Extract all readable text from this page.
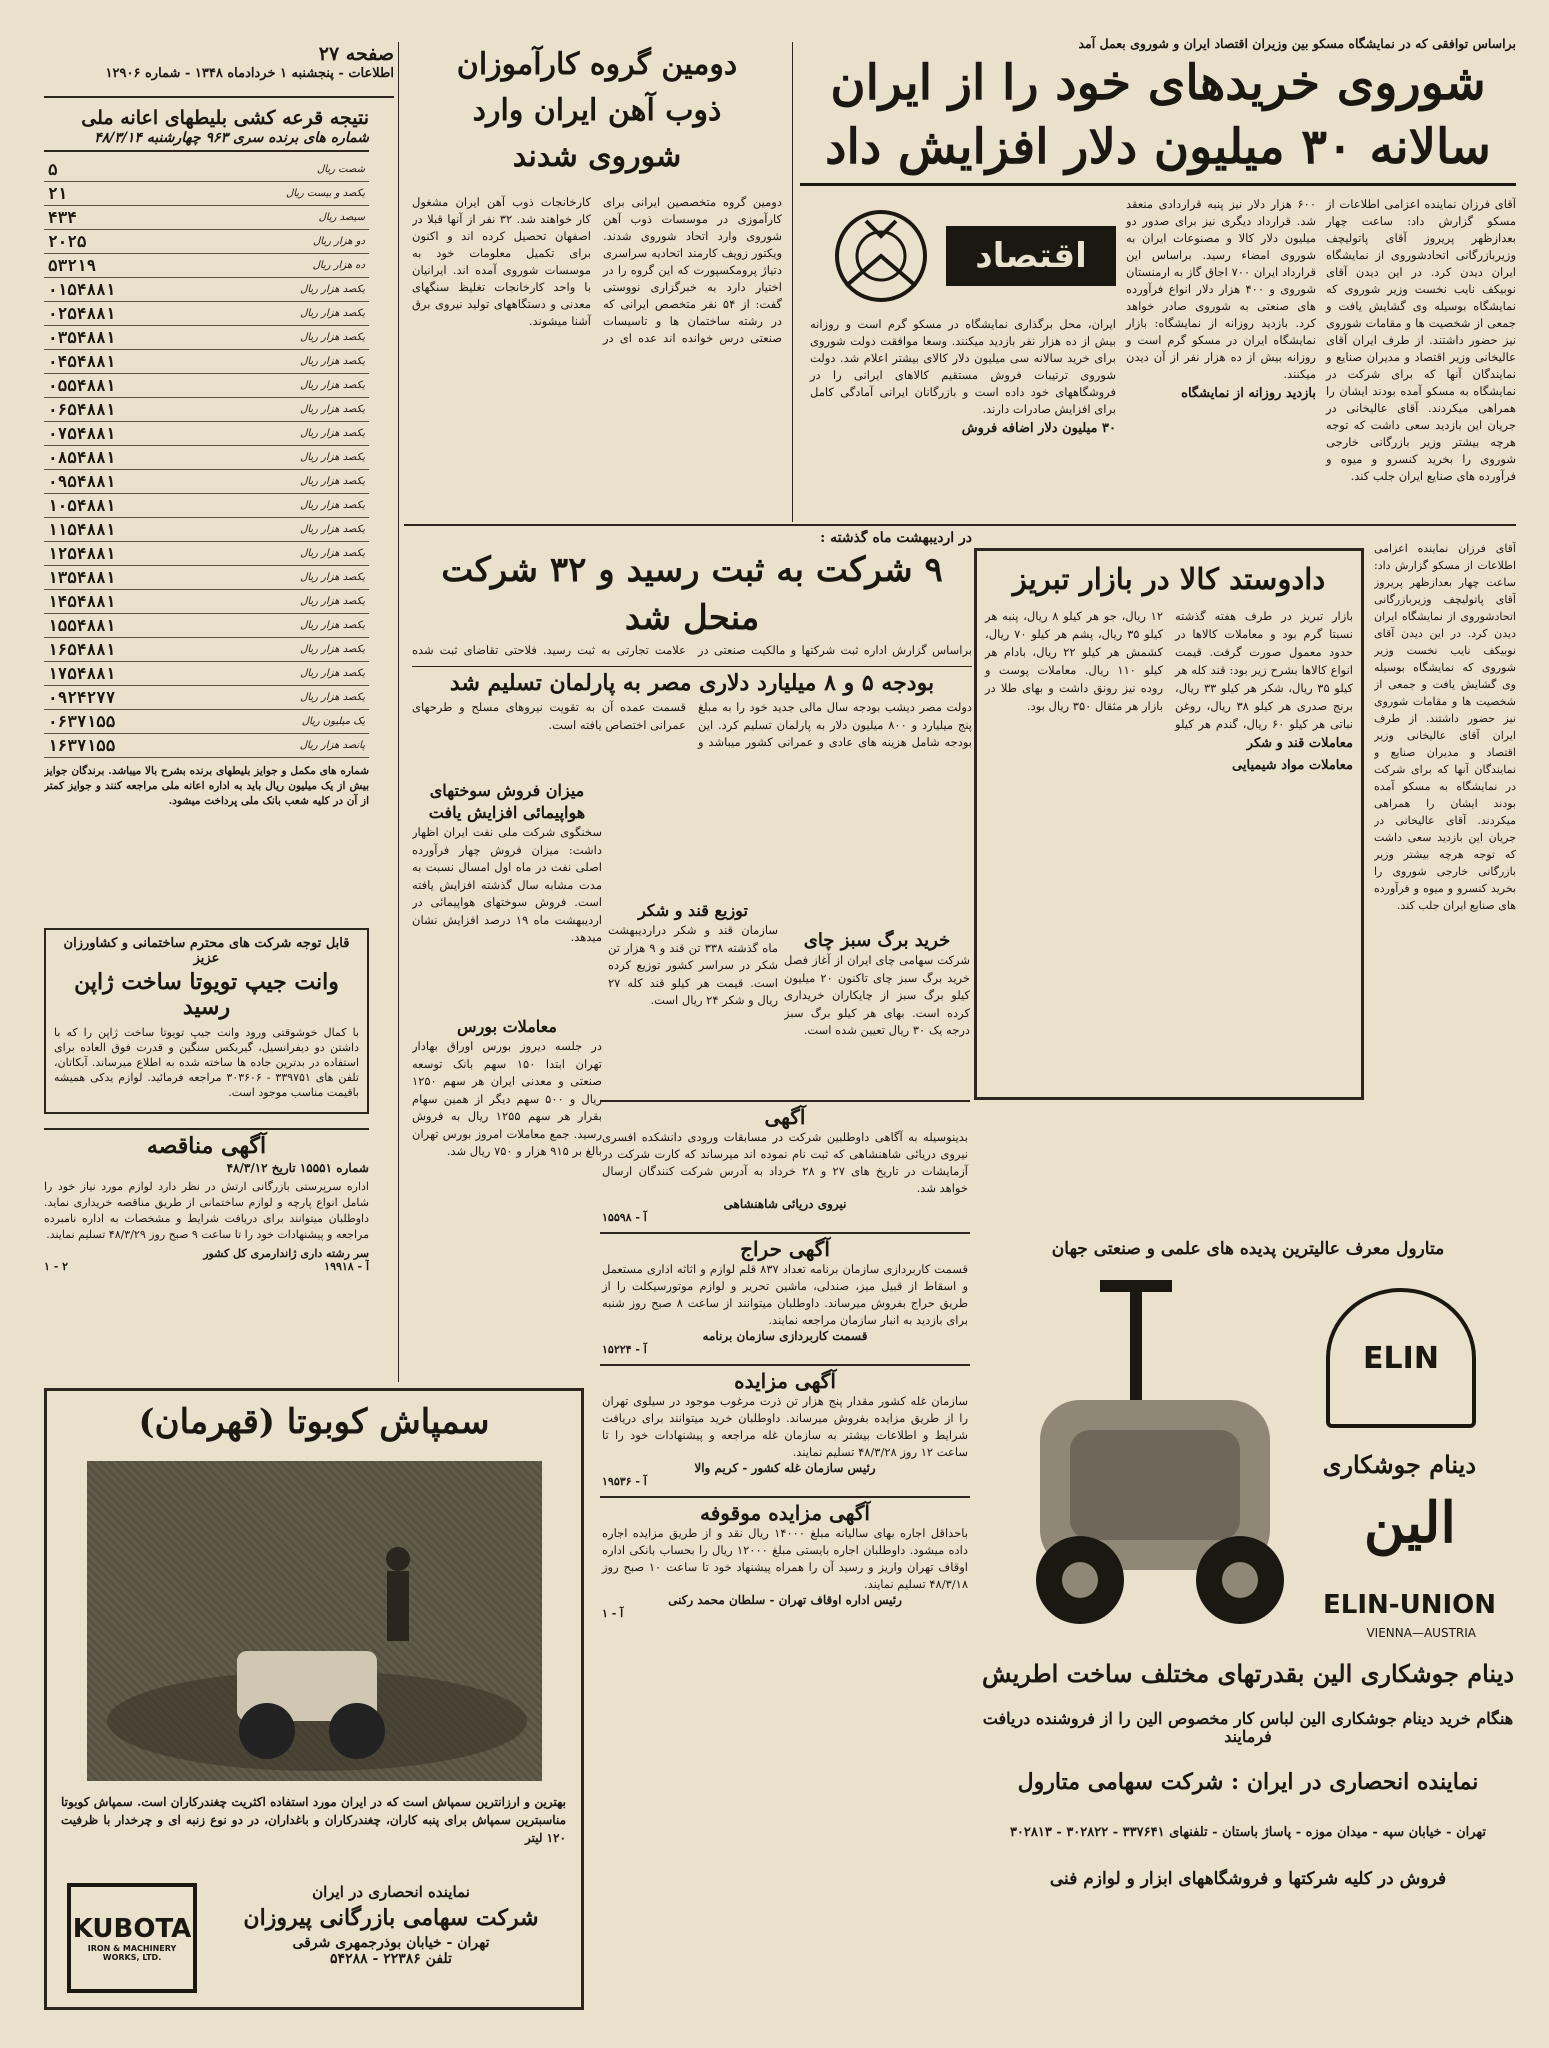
صفحه ۲۷
اطلاعات - پنجشنبه ۱ خردادماه ۱۳۴۸ - شماره ۱۲۹۰۶
نتیجه قرعه کشی بلیطهای اعانه ملی
شماره های برنده سری ۹۶۳ چهارشنبه ۴۸/۳/۱۴
شصت ریال
۵
یکصد و بیست ریال
۲۱
سیصد ریال
۴۳۴
دو هزار ریال
۲۰۲۵
ده هزار ریال
۵۳۲۱۹
یکصد هزار ریال
۰۱۵۴۸۸۱
یکصد هزار ریال
۰۲۵۴۸۸۱
یکصد هزار ریال
۰۳۵۴۸۸۱
یکصد هزار ریال
۰۴۵۴۸۸۱
یکصد هزار ریال
۰۵۵۴۸۸۱
یکصد هزار ریال
۰۶۵۴۸۸۱
یکصد هزار ریال
۰۷۵۴۸۸۱
یکصد هزار ریال
۰۸۵۴۸۸۱
یکصد هزار ریال
۰۹۵۴۸۸۱
یکصد هزار ریال
۱۰۵۴۸۸۱
یکصد هزار ریال
۱۱۵۴۸۸۱
یکصد هزار ریال
۱۲۵۴۸۸۱
یکصد هزار ریال
۱۳۵۴۸۸۱
یکصد هزار ریال
۱۴۵۴۸۸۱
یکصد هزار ریال
۱۵۵۴۸۸۱
یکصد هزار ریال
۱۶۵۴۸۸۱
یکصد هزار ریال
۱۷۵۴۸۸۱
یکصد هزار ریال
۰۹۲۴۲۷۷
یک میلیون ریال
۰۶۳۷۱۵۵
پانصد هزار ریال
۱۶۳۷۱۵۵
شماره های مکمل و جوایز بلیطهای برنده بشرح بالا میباشد. برندگان جوایز بیش از یک میلیون ریال باید به اداره اعانه ملی مراجعه کنند و جوایز کمتر از آن در کلیه شعب بانک ملی پرداخت میشود.
قابل توجه شرکت های محترم ساختمانی و کشاورزان عزیز
وانت جیپ تویوتا ساخت ژاپن رسید
با کمال خوشوقتی ورود وانت جیپ تویوتا ساخت ژاپن را که با داشتن دو دیفرانسیل، گیربکس سنگین و قدرت فوق العاده برای استفاده در بدترین جاده ها ساخته شده به اطلاع میرساند. آبکاتان، تلفن های ۳۳۹۷۵۱ - ۳۰۳۶۰۶ مراجعه فرمائید. لوازم یدکی همیشه باقیمت مناسب موجود است.
آگهی مناقصه
شماره ۱۵۵۵۱ تاریخ ۴۸/۳/۱۲
اداره سرپرستی بازرگانی ارتش در نظر دارد لوازم مورد نیاز خود را شامل انواع پارچه و لوازم ساختمانی از طریق مناقصه خریداری نماید. داوطلبان میتوانند برای دریافت شرایط و مشخصات به اداره نامبرده مراجعه و پیشنهادات خود را تا ساعت ۹ صبح روز ۴۸/۳/۲۹ تسلیم نمایند.
سر رشته داری ژاندارمری کل کشور
آ - ۱۹۹۱۸
۲ - ۱
سمپاش کوبوتا (قهرمان)
بهترین و ارزانترین سمپاش است که در ایران مورد استفاده اکثریت چغندرکاران است. سمپاش کوبوتا مناسبترین سمپاش برای پنبه کاران، چغندرکاران و باغداران، در دو نوع زنبه ای و چرخدار با ظرفیت ۱۲۰ لیتر
KUBOTA
IRON & MACHINERY WORKS, LTD.
نماینده انحصاری در ایران
شرکت سهامی بازرگانی پیروزان
تهران - خیابان بوذرجمهری شرقی
تلفن ۲۲۳۸۶ - ۵۴۲۸۸
دومین گروه کارآموزان ذوب آهن ایران وارد شوروی شدند
دومین گروه متخصصین ایرانی برای کارآموزی در موسسات ذوب آهن شوروی وارد اتحاد شوروی شدند. ویکتور زویف کارمند اتحادیه سراسری دتیاژ پرومکسپورت که این گروه را در اختیار دارد به خبرگزاری نووستی گفت: از ۵۴ نفر متخصص ایرانی که در رشته ساختمان ها و تاسیسات صنعتی درس خوانده اند عده ای در کارخانجات ذوب آهن ایران مشغول کار خواهند شد. ۳۲ نفر از آنها قبلا در اصفهان تحصیل کرده اند و اکنون برای تکمیل معلومات خود به موسسات شوروی آمده اند. ایرانیان با واحد کارخانجات تغلیظ سنگهای معدنی و دستگاههای تولید نیروی برق آشنا میشوند.
براساس توافقی که در نمایشگاه مسکو بین وزیران اقتصاد ایران و شوروی بعمل آمد
شوروی خریدهای خود را از ایران
سالانه ۳۰ میلیون دلار افزایش داد
آقای فرزان نماینده اعزامی اطلاعات از مسکو گزارش داد: ساعت چهار بعدازظهر پریروز آقای پاتولیچف وزیربازرگانی اتحادشوروی از نمایشگاه ایران دیدن کرد. در این دیدن آقای نوبیکف نایب نخست وزیر شوروی که نمایشگاه بوسیله وی گشایش یافت و جمعی از شخصیت ها و مقامات شوروی نیز حضور داشتند. از طرف ایران آقای عالیخانی وزیر اقتصاد و مدیران صنایع و نمایندگان آنها که برای شرکت در نمایشگاه به مسکو آمده بودند ایشان را همراهی میکردند. آقای عالیخانی در جریان این بازدید سعی داشت که توجه هرچه بیشتر وزیر بازرگانی خارجی شوروی را بخرید کنسرو و میوه و فرآورده های صنایع ایران جلب کند.
۶۰۰ هزار دلار نیز پنبه قراردادی منعقد شد. قرارداد دیگری نیز برای صدور دو میلیون دلار کالا و مصنوعات ایران به شوروی امضاء رسید. براساس این قرارداد ایران ۷۰۰ اجاق گاز به ارمنستان شوروی و ۴۰۰ هزار دلار انواع فرآورده های صنعتی به شوروی صادر خواهد کرد. بازدید روزانه از نمایشگاه: بازار نمایشگاه ایران در مسکو گرم است و روزانه بیش از ده هزار نفر از آن دیدن میکنند.
بازدید روزانه از نمایشگاه
اقتصاد
ایران، محل برگذاری نمایشگاه در مسکو گرم است و روزانه بیش از ده هزار نفر بازدید میکنند. وسعا موافقت دولت شوروی برای خرید سالانه سی میلیون دلار کالای بیشتر اعلام شد. دولت شوروی ترتیبات فروش مستقیم کالاهای ایرانی را در فروشگاههای خود داده است و بازرگانان ایرانی آمادگی کامل برای افزایش صادرات دارند.
۳۰ میلیون دلار اضافه فروش
در اردیبهشت ماه گذشته :
۹ شرکت به ثبت رسید و ۳۲ شرکت منحل شد
براساس گزارش اداره ثبت شرکتها و مالکیت صنعتی در علامت تجارتی به ثبت رسید. فلاحتی تقاضای ثبت شده
دادوستد کالا در بازار تبریز
بازار تبریز در طرف هفته گذشته نسبتا گرم بود و معاملات کالاها در حدود معمول صورت گرفت. قیمت انواع کالاها بشرح زیر بود: قند کله هر کیلو ۳۵ ریال، شکر هر کیلو ۳۳ ریال، برنج صدری هر کیلو ۳۸ ریال، روغن نباتی هر کیلو ۶۰ ریال، گندم هر کیلو ۱۲ ریال، جو هر کیلو ۸ ریال، پنبه هر کیلو ۳۵ ریال، پشم هر کیلو ۷۰ ریال، کشمش هر کیلو ۲۲ ریال، بادام هر کیلو ۱۱۰ ریال. معاملات پوست و روده نیز رونق داشت و بهای طلا در بازار هر مثقال ۳۵۰ ریال بود.
معاملات قند و شکر
معاملات مواد شیمیایی
آقای فرزان نماینده اعزامی اطلاعات از مسکو گزارش داد: ساعت چهار بعدازظهر پریروز آقای پاتولیچف وزیربازرگانی اتحادشوروی از نمایشگاه ایران دیدن کرد. در این دیدن آقای نوبیکف نایب نخست وزیر شوروی که نمایشگاه بوسیله وی گشایش یافت و جمعی از شخصیت ها و مقامات شوروی نیز حضور داشتند. از طرف ایران آقای عالیخانی وزیر اقتصاد و مدیران صنایع و نمایندگان آنها که برای شرکت در نمایشگاه به مسکو آمده بودند ایشان را همراهی میکردند. آقای عالیخانی در جریان این بازدید سعی داشت که توجه هرچه بیشتر وزیر بازرگانی خارجی شوروی را بخرید کنسرو و میوه و فرآورده های صنایع ایران جلب کند.
بودجه ۵ و ۸ میلیارد دلاری مصر به پارلمان تسلیم شد
دولت مصر دیشب بودجه سال مالی جدید خود را به مبلغ پنج میلیارد و ۸۰۰ میلیون دلار به پارلمان تسلیم کرد. این بودجه شامل هزینه های عادی و عمرانی کشور میباشد و قسمت عمده آن به تقویت نیروهای مسلح و طرحهای عمرانی اختصاص یافته است.
میزان فروش سوختهای هواپیمائی افزایش یافت
سخنگوی شرکت ملی نفت ایران اظهار داشت: میزان فروش چهار فرآورده اصلی نفت در ماه اول امسال نسبت به مدت مشابه سال گذشته افزایش یافته است. فروش سوختهای هواپیمائی در اردیبهشت ماه ۱۹ درصد افزایش نشان میدهد.
معاملات بورس
در جلسه دیروز بورس اوراق بهادار تهران ابتدا ۱۵۰ سهم بانک توسعه صنعتی و معدنی ایران هر سهم ۱۲۵۰ ریال و ۵۰۰ سهم دیگر از همین سهام بقرار هر سهم ۱۲۵۵ ریال به فروش رسید. جمع معاملات امروز بورس تهران بالغ بر ۹۱۵ هزار و ۷۵۰ ریال شد.
توزیع قند و شکر
سازمان قند و شکر دراردیبهشت ماه گذشته ۳۳۸ تن قند و ۹ هزار تن شکر در سراسر کشور توزیع کرده است. قیمت هر کیلو قند کله ۲۷ ریال و شکر ۲۴ ریال است.
خرید برگ سبز چای
شرکت سهامی چای ایران از آغاز فصل خرید برگ سبز چای تاکنون ۲۰ میلیون کیلو برگ سبز از چایکاران خریداری کرده است. بهای هر کیلو برگ سبز درجه یک ۳۰ ریال تعیین شده است.
آگهی
بدینوسیله به آگاهی داوطلبین شرکت در مسابقات ورودی دانشکده افسری نیروی دریائی شاهنشاهی که ثبت نام نموده اند میرساند که کارت شرکت در آزمایشات در تاریخ های ۲۷ و ۲۸ خرداد به آدرس شرکت کنندگان ارسال خواهد شد.
نیروی دریائی شاهنشاهی
آ - ۱۵۵۹۸
آگهی حراج
قسمت کاربردازی سازمان برنامه تعداد ۸۳۷ قلم لوازم و اثاثه اداری مستعمل و اسقاط از قبیل میز، صندلی، ماشین تحریر و لوازم موتورسیکلت را از طریق حراج بفروش میرساند. داوطلبان میتوانند از ساعت ۸ صبح روز شنبه برای بازدید به انبار سازمان مراجعه نمایند.
قسمت کاربردازی سازمان برنامه
آ - ۱۵۲۲۴
آگهی مزایده
سازمان غله کشور مقدار پنج هزار تن ذرت مرغوب موجود در سیلوی تهران را از طریق مزایده بفروش میرساند. داوطلبان خرید میتوانند برای دریافت شرایط و اطلاعات بیشتر به سازمان غله مراجعه و پیشنهادات خود را تا ساعت ۱۲ روز ۴۸/۳/۲۸ تسلیم نمایند.
رئیس سازمان غله کشور - کریم والا
آ - ۱۹۵۳۶
آگهی مزایده موقوفه
باحداقل اجاره بهای سالیانه مبلغ ۱۴۰۰۰ ریال نقد و از طریق مزایده اجاره داده میشود. داوطلبان اجاره بایستی مبلغ ۱۲۰۰۰ ریال را بحساب بانکی اداره اوقاف تهران واریز و رسید آن را همراه پیشنهاد خود تا ساعت ۱۰ صبح روز ۴۸/۳/۱۸ تسلیم نمایند.
رئیس اداره اوقاف تهران - سلطان محمد رکنی
آ - ۱
متارول معرف عالیترین پدیده های علمی و صنعتی جهان
ELIN
دینام جوشکاری
الین
ELIN-UNION
VIENNA—AUSTRIA
دینام جوشکاری الین بقدرتهای مختلف ساخت اطریش
هنگام خرید دینام جوشکاری الین لباس کار مخصوص الین را از فروشنده دریافت فرمایند
نماینده انحصاری در ایران : شرکت سهامی متارول
تهران - خیابان سپه - میدان موزه - پاساژ باستان - تلفنهای ۳۳۷۶۴۱ - ۳۰۲۸۲۲ - ۳۰۲۸۱۳
فروش در کلیه شرکتها و فروشگاههای ابزار و لوازم فنی
